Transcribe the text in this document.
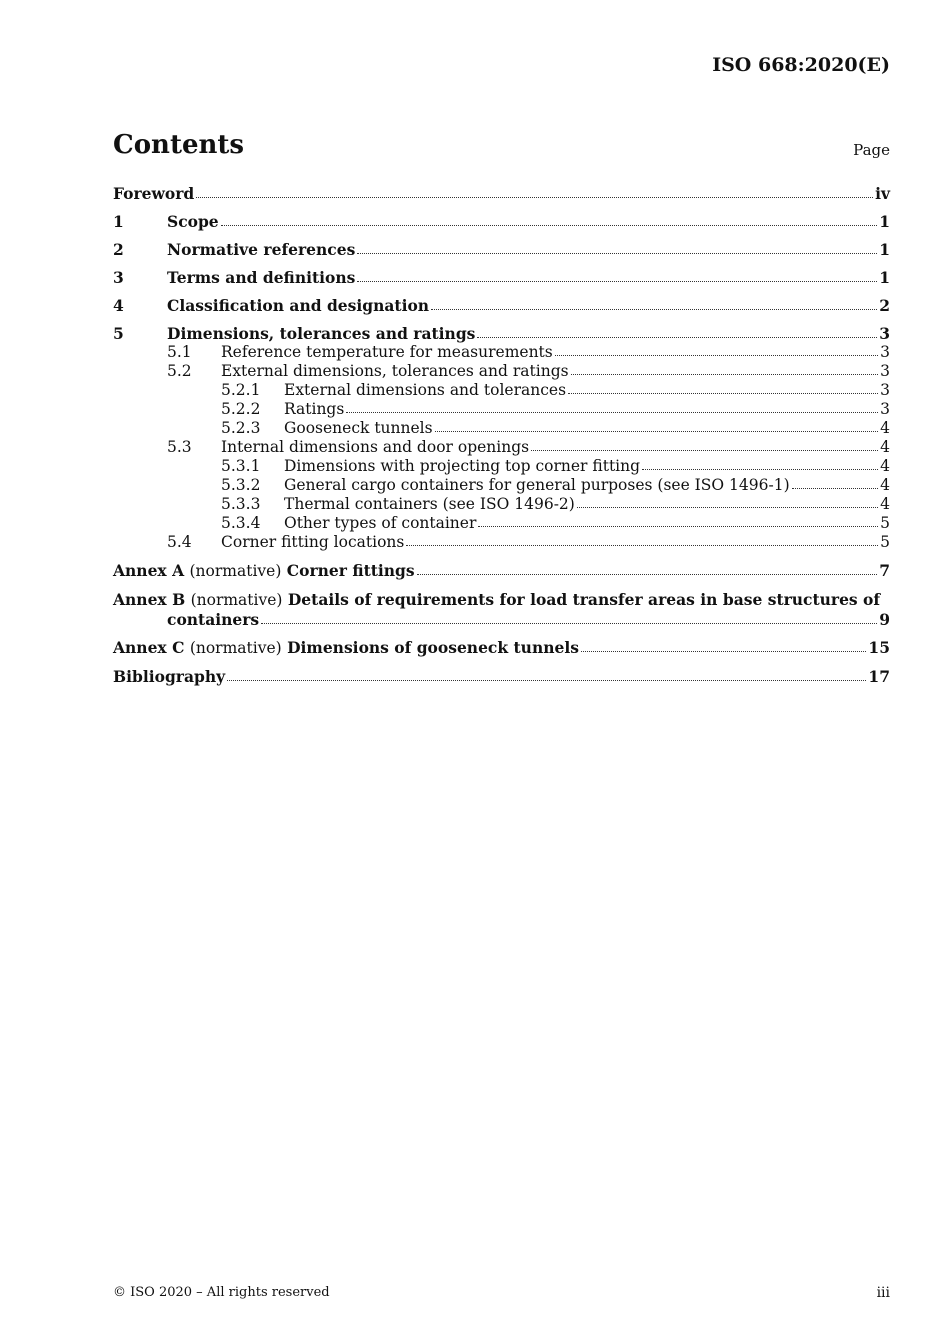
ISO 668:2020(E)
Contents	Page
Foreword	iv
1	Scope	1
2	Normative references	1
3	Terms and definitions	1
4	Classification and designation	2
5	Dimensions, tolerances and ratings	3
5.1	Reference temperature for measurements	3
5.2	External dimensions, tolerances and ratings	3
5.2.1	External dimensions and tolerances	3
5.2.2	Ratings	3
5.2.3	Gooseneck tunnels	4
5.3	Internal dimensions and door openings	4
5.3.1	Dimensions with projecting top corner fitting	4
5.3.2	General cargo containers for general purposes (see ISO 1496-1)	4
5.3.3	Thermal containers (see ISO 1496-2)	4
5.3.4	Other types of container	5
5.4	Corner fitting locations	5
Annex A (normative) Corner fittings	7
Annex B (normative) Details of requirements for load transfer areas in base structures of
containers	9
Annex C (normative) Dimensions of gooseneck tunnels	15
Bibliography	17
© ISO 2020 – All rights reserved	iii
